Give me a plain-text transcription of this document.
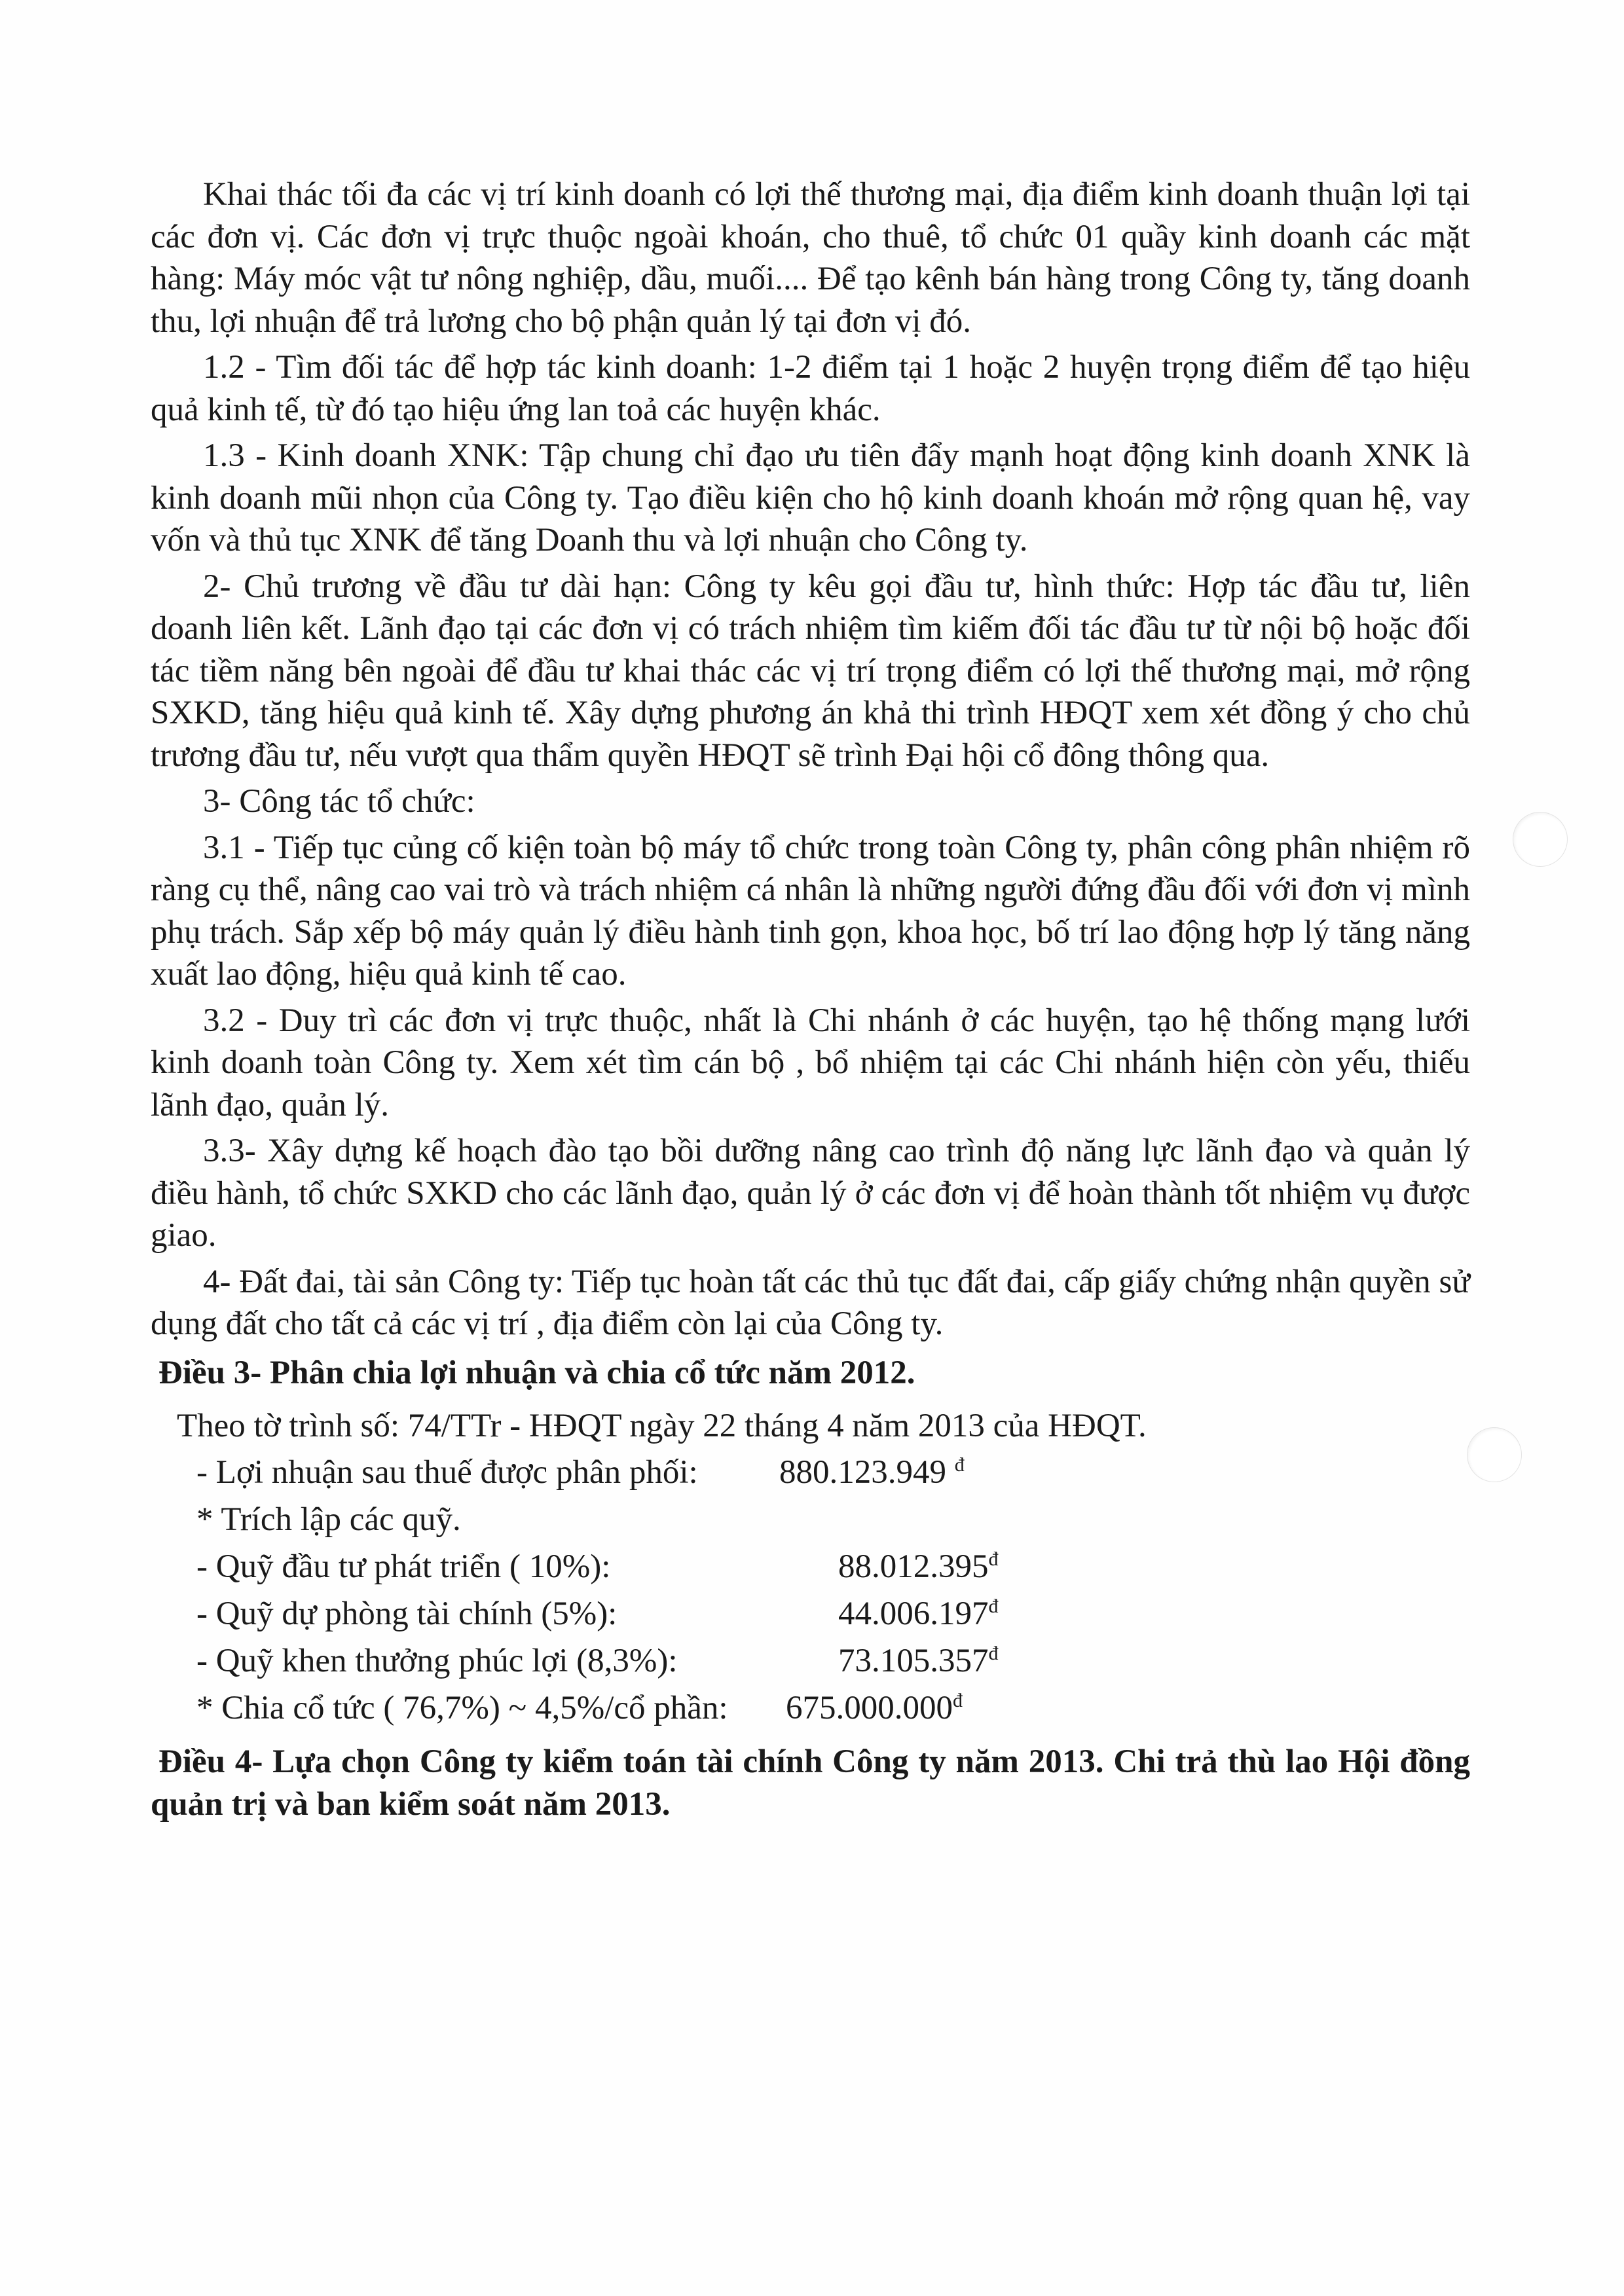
Khai thác tối đa các vị trí kinh doanh có lợi thế thương mại, địa điểm kinh doanh thuận lợi tại các đơn vị. Các đơn vị trực thuộc ngoài khoán, cho thuê, tổ chức 01 quầy kinh doanh các mặt hàng: Máy móc vật tư nông nghiệp, dầu, muối.... Để tạo kênh bán hàng trong Công ty, tăng doanh thu, lợi nhuận để trả lương cho bộ phận quản lý tại đơn vị đó.

1.2 - Tìm đối tác để hợp tác kinh doanh: 1-2 điểm tại 1 hoặc 2 huyện trọng điểm để tạo hiệu quả kinh tế, từ đó tạo hiệu ứng lan toả các huyện khác.

1.3 - Kinh doanh XNK: Tập chung chỉ đạo ưu tiên đẩy mạnh hoạt động kinh doanh XNK là kinh doanh mũi nhọn của Công ty. Tạo điều kiện cho hộ kinh doanh khoán mở rộng quan hệ, vay vốn và thủ tục XNK để tăng Doanh thu và lợi nhuận cho Công ty.

2- Chủ trương về đầu tư dài hạn: Công ty kêu gọi đầu tư, hình thức: Hợp tác đầu tư, liên doanh liên kết. Lãnh đạo tại các đơn vị có trách nhiệm tìm kiếm đối tác đầu tư từ nội bộ hoặc đối tác tiềm năng bên ngoài để đầu tư khai thác các vị trí trọng điểm có lợi thế thương mại, mở rộng SXKD, tăng hiệu quả kinh tế. Xây dựng phương án khả thi trình HĐQT xem xét đồng ý cho chủ trương đầu tư, nếu vượt qua thẩm quyền HĐQT sẽ trình Đại hội cổ đông thông qua.

3- Công tác tổ chức:

3.1 - Tiếp tục củng cố kiện toàn bộ máy tổ chức trong toàn Công ty, phân công phân nhiệm rõ ràng cụ thể, nâng cao vai trò và trách nhiệm cá nhân là những người đứng đầu đối với đơn vị mình phụ trách. Sắp xếp bộ máy quản lý điều hành tinh gọn, khoa học, bố trí lao động hợp lý tăng năng xuất lao động, hiệu quả kinh tế cao.

3.2 - Duy trì các đơn vị trực thuộc, nhất là Chi nhánh ở các huyện, tạo hệ thống mạng lưới kinh doanh toàn Công ty. Xem xét tìm cán bộ , bổ nhiệm tại các Chi nhánh hiện còn yếu, thiếu lãnh đạo, quản lý.

3.3- Xây dựng kế hoạch đào tạo bồi dưỡng nâng cao trình độ năng lực lãnh đạo và quản lý điều hành, tổ chức SXKD cho các lãnh đạo, quản lý ở các đơn vị để hoàn thành tốt nhiệm vụ được giao.

4- Đất đai, tài sản Công ty: Tiếp tục hoàn tất các thủ tục đất đai, cấp giấy chứng nhận quyền sử dụng đất cho tất cả các vị trí , địa điểm còn lại của Công ty.

Điều 3- Phân chia lợi nhuận và chia cổ tức năm 2012.

Theo tờ trình số: 74/TTr - HĐQT ngày 22 tháng 4 năm 2013 của HĐQT.

- Lợi nhuận sau thuế được phân phối:	880.123.949 $^đ$

* Trích lập các quỹ.

- Quỹ đầu tư phát triển ( 10%):	$88.012.395^đ$
- Quỹ dự phòng tài chính (5%):	$44.006.197^đ$
- Quỹ khen thưởng phúc lợi (8,3%):	$73.105.357^đ$
* Chia cổ tức ( 76,7%) ~ 4,5%/cổ phần:	$675.000.000^đ$

Điều 4- Lựa chọn Công ty kiểm toán tài chính Công ty năm 2013. Chi trả thù lao Hội đồng quản trị và ban kiểm soát năm 2013.
